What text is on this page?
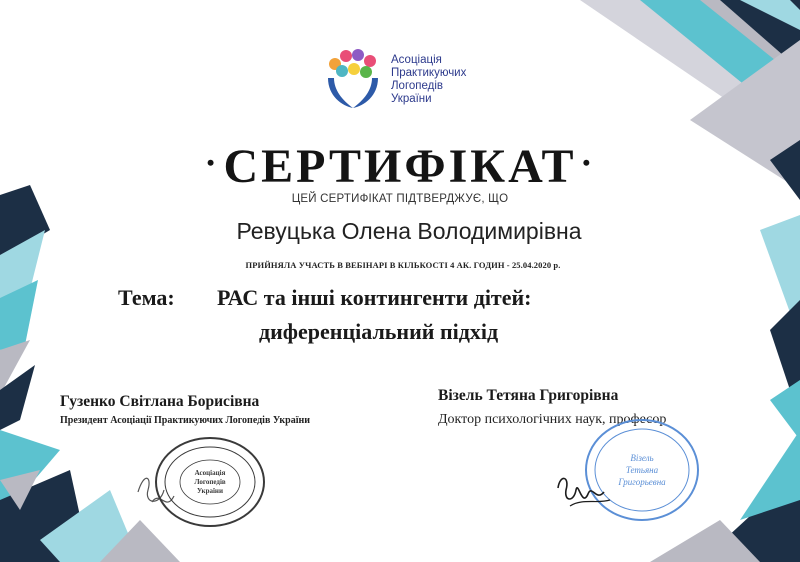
Асоціація
Практикуючих
Логопедів
України
• СЕРТИФІКАТ •
ЦЕЙ СЕРТИФІКАТ ПІДТВЕРДЖУЄ, ЩО
Ревуцька Олена Володимирівна
ПРИЙНЯЛА УЧАСТЬ В ВЕБІНАРІ В КІЛЬКОСТІ 4 АК. ГОДИН - 25.04.2020 р.
Тема: РАС та інші контингенти дітей:
диференціальний підхід
Гузенко Світлана Борисівна
Президент Асоціації Практикуючих Логопедів України
Асоціація
Логопедів
України
Візель Тетяна Григорівна
Доктор психологічних наук, професор
Візель
Тетьяна
Григорьевна
